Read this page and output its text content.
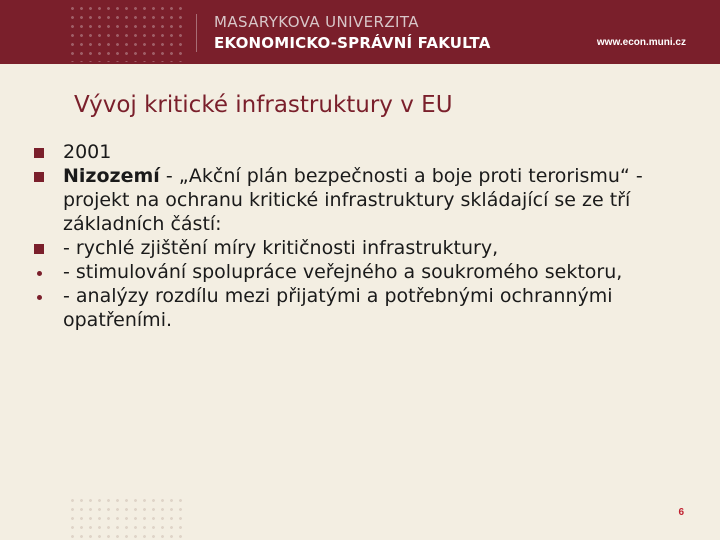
MASARYKOVA UNIVERZITA
EKONOMICKO-SPRÁVNÍ FAKULTA	www.econ.muni.cz
Vývoj kritické infrastruktury v EU
2001
Nizozemí - „Akční plán bezpečnosti a boje proti terorismu“ - projekt na ochranu kritické infrastruktury skládající se ze tří základních částí:
- rychlé zjištění míry kritičnosti infrastruktury,
- stimulování spolupráce veřejného a soukromého sektoru,
- analýzy rozdílu mezi přijatými a potřebnými ochrannými opatřeními.
6
